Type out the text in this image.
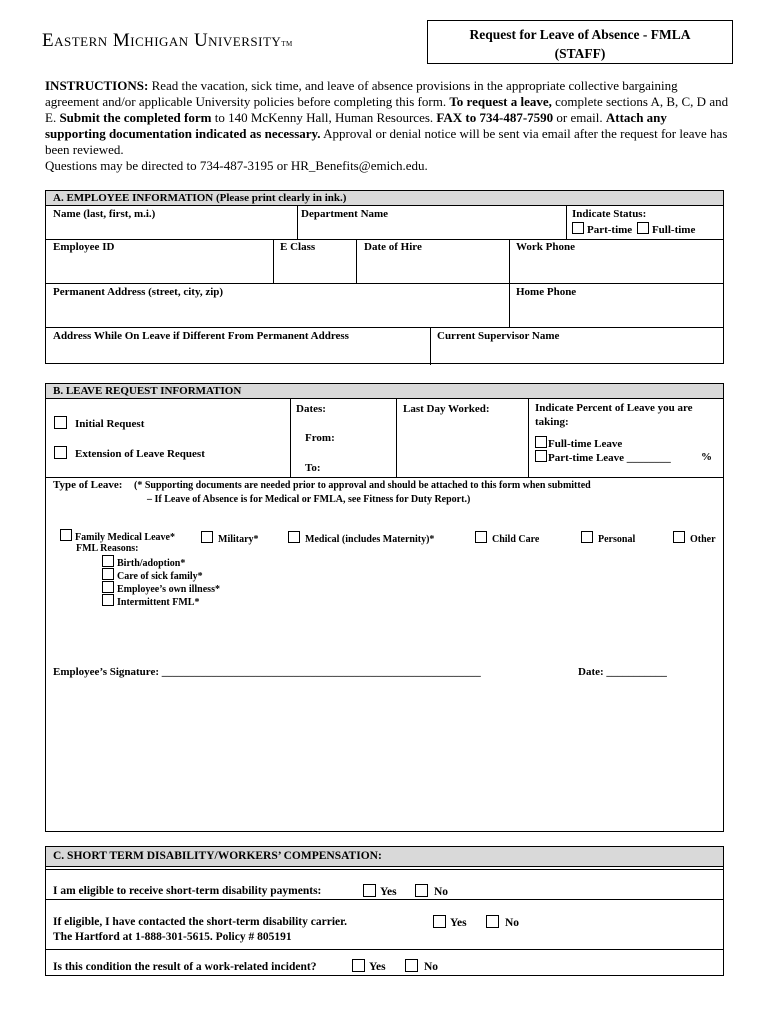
Eastern Michigan UniversityTM
Request for Leave of Absence - FMLA
(STAFF)
INSTRUCTIONS: Read the vacation, sick time, and leave of absence provisions in the appropriate collective bargaining agreement and/or applicable University policies before completing this form. To request a leave, complete sections A, B, C, D and E. Submit the completed form to 140 McKenny Hall, Human Resources. FAX to 734-487-7590 or email. Attach any supporting documentation indicated as necessary. Approval or denial notice will be sent via email after the request for leave has been reviewed.
Questions may be directed to 734-487-3195 or HR_Benefits@emich.edu.
A. EMPLOYEE INFORMATION (Please print clearly in ink.)
Name (last, first, m.i.)	Department Name	Indicate Status:
Part-time Full-time
Employee ID	E Class	Date of Hire	Work Phone
Permanent Address (street, city, zip)	Home Phone
Address While On Leave if Different From Permanent Address	Current Supervisor Name
B. LEAVE REQUEST INFORMATION
Initial Request
Extension of Leave Request
Dates:
From:
To:
Last Day Worked:	Indicate Percent of Leave you are
taking:
Full-time Leave
Part-time Leave ________	%
Type of Leave: (* Supporting documents are needed prior to approval and should be attached to this form when submitted
– If Leave of Absence is for Medical or FMLA, see Fitness for Duty Report.)
Family Medical Leave*	Military*	Medical (includes Maternity)*	Child Care	Personal	Other
FML Reasons:
Birth/adoption*
Care of sick family*
Employee’s own illness*
Intermittent FML*
Employee’s Signature: __________________________________________________________	Date: ___________
C. SHORT TERM DISABILITY/WORKERS’ COMPENSATION:
I am eligible to receive short-term disability payments:	Yes	No
If eligible, I have contacted the short-term disability carrier.
The Hartford at 1-888-301-5615. Policy # 805191
Yes	No
Is this condition the result of a work-related incident?	Yes	No
